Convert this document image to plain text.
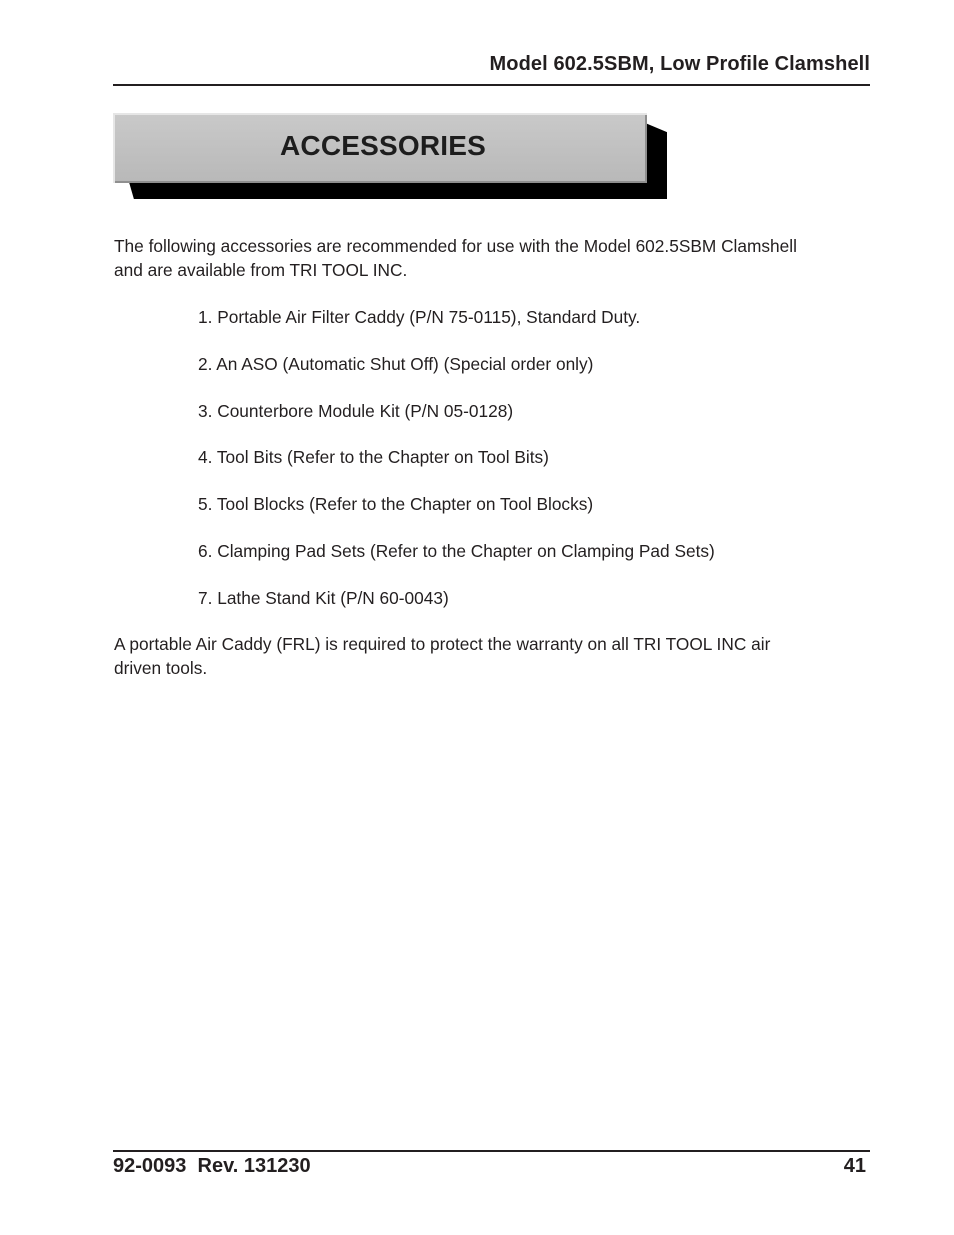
Model 602.5SBM, Low Profile Clamshell
ACCESSORIES

The following accessories are recommended for use with the Model 602.5SBM Clamshell

and are available from TRI TOOL INC.

1. Portable Air Filter Caddy (P/N 75-0115), Standard Duty.
2. An ASO (Automatic Shut Off) (Special order only)
3. Counterbore Module Kit (P/N 05-0128)
4. Tool Bits (Refer to the Chapter on Tool Bits)
5. Tool Blocks (Refer to the Chapter on Tool Blocks)
6. Clamping Pad Sets (Refer to the Chapter on Clamping Pad Sets)
7. Lathe Stand Kit (P/N 60-0043)

A portable Air Caddy (FRL) is required to protect the warranty on all TRI TOOL INC air

driven tools.

92-0093  Rev. 131230	41
